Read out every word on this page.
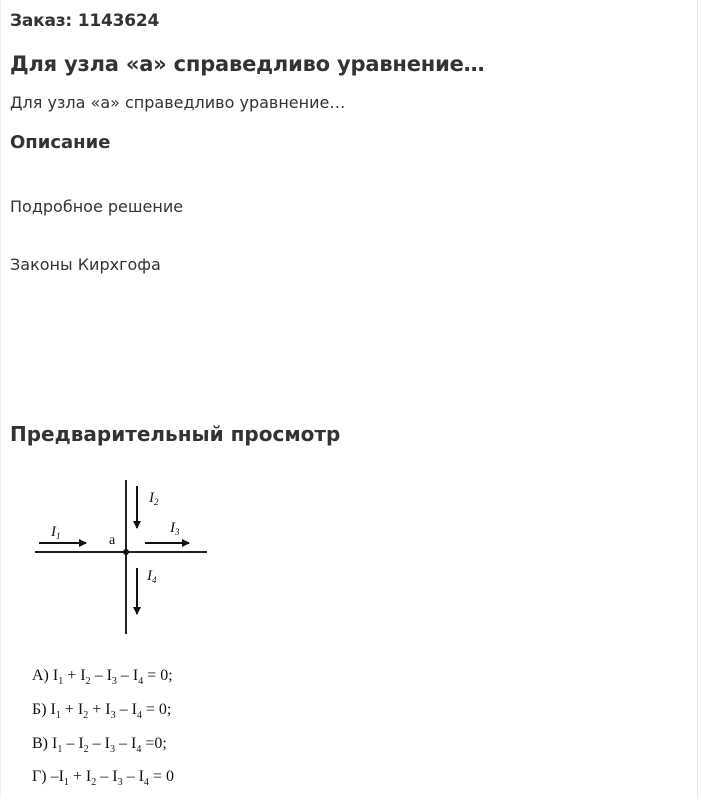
Заказ: 1143624
Для узла «а» справедливо уравнение…
Для узла «а» справедливо уравнение…
Описание
Подробное решение
Законы Кирхгофа
Предварительный просмотр
$I_1$	a
$I_2$
$I_3$
$I_4$
А) $I_1 + I_2 - I_3 - I_4 = 0$;
Б) $I_1 + I_2 + I_3 - I_4 = 0$;
В) $I_1 - I_2 - I_3 - I_4 =0$;
Г) $-I_1 + I_2 - I_3 - I_4 = 0$
